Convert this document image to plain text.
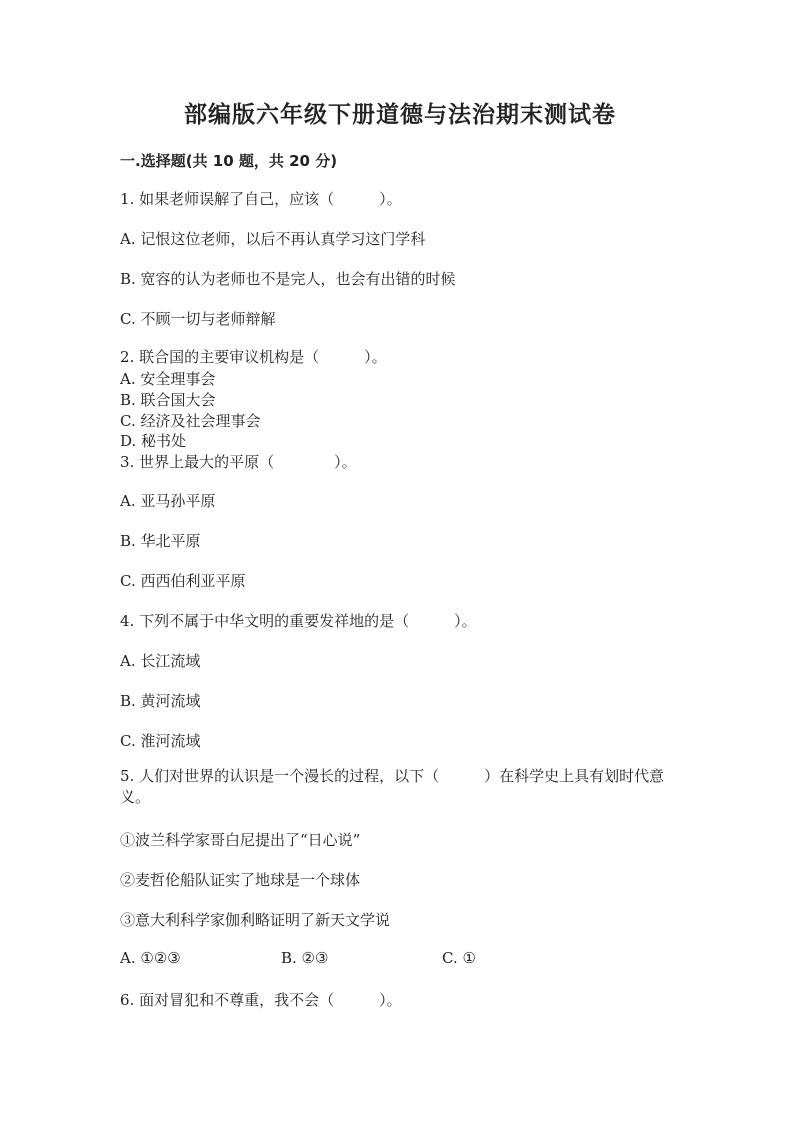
部编版六年级下册道德与法治期末测试卷
一.选择题(共 10 题，共 20 分)
1. 如果老师误解了自己，应该（　　　）。
A. 记恨这位老师，以后不再认真学习这门学科
B. 宽容的认为老师也不是完人，也会有出错的时候
C. 不顾一切与老师辩解
2. 联合国的主要审议机构是（　　　）。
A. 安全理事会
B. 联合国大会
C. 经济及社会理事会
D. 秘书处
3. 世界上最大的平原（　　　　）。
A. 亚马孙平原
B. 华北平原
C. 西西伯利亚平原
4. 下列不属于中华文明的重要发祥地的是（　　　）。
A. 长江流域
B. 黄河流域
C. 淮河流域
5. 人们对世界的认识是一个漫长的过程，以下（　　　）在科学史上具有划时代意义。
①波兰科学家哥白尼提出了“日心说”
②麦哲伦船队证实了地球是一个球体
③意大利科学家伽利略证明了新天文学说
A. ①②③	B. ②③	C. ①
6. 面对冒犯和不尊重，我不会（　　　）。
